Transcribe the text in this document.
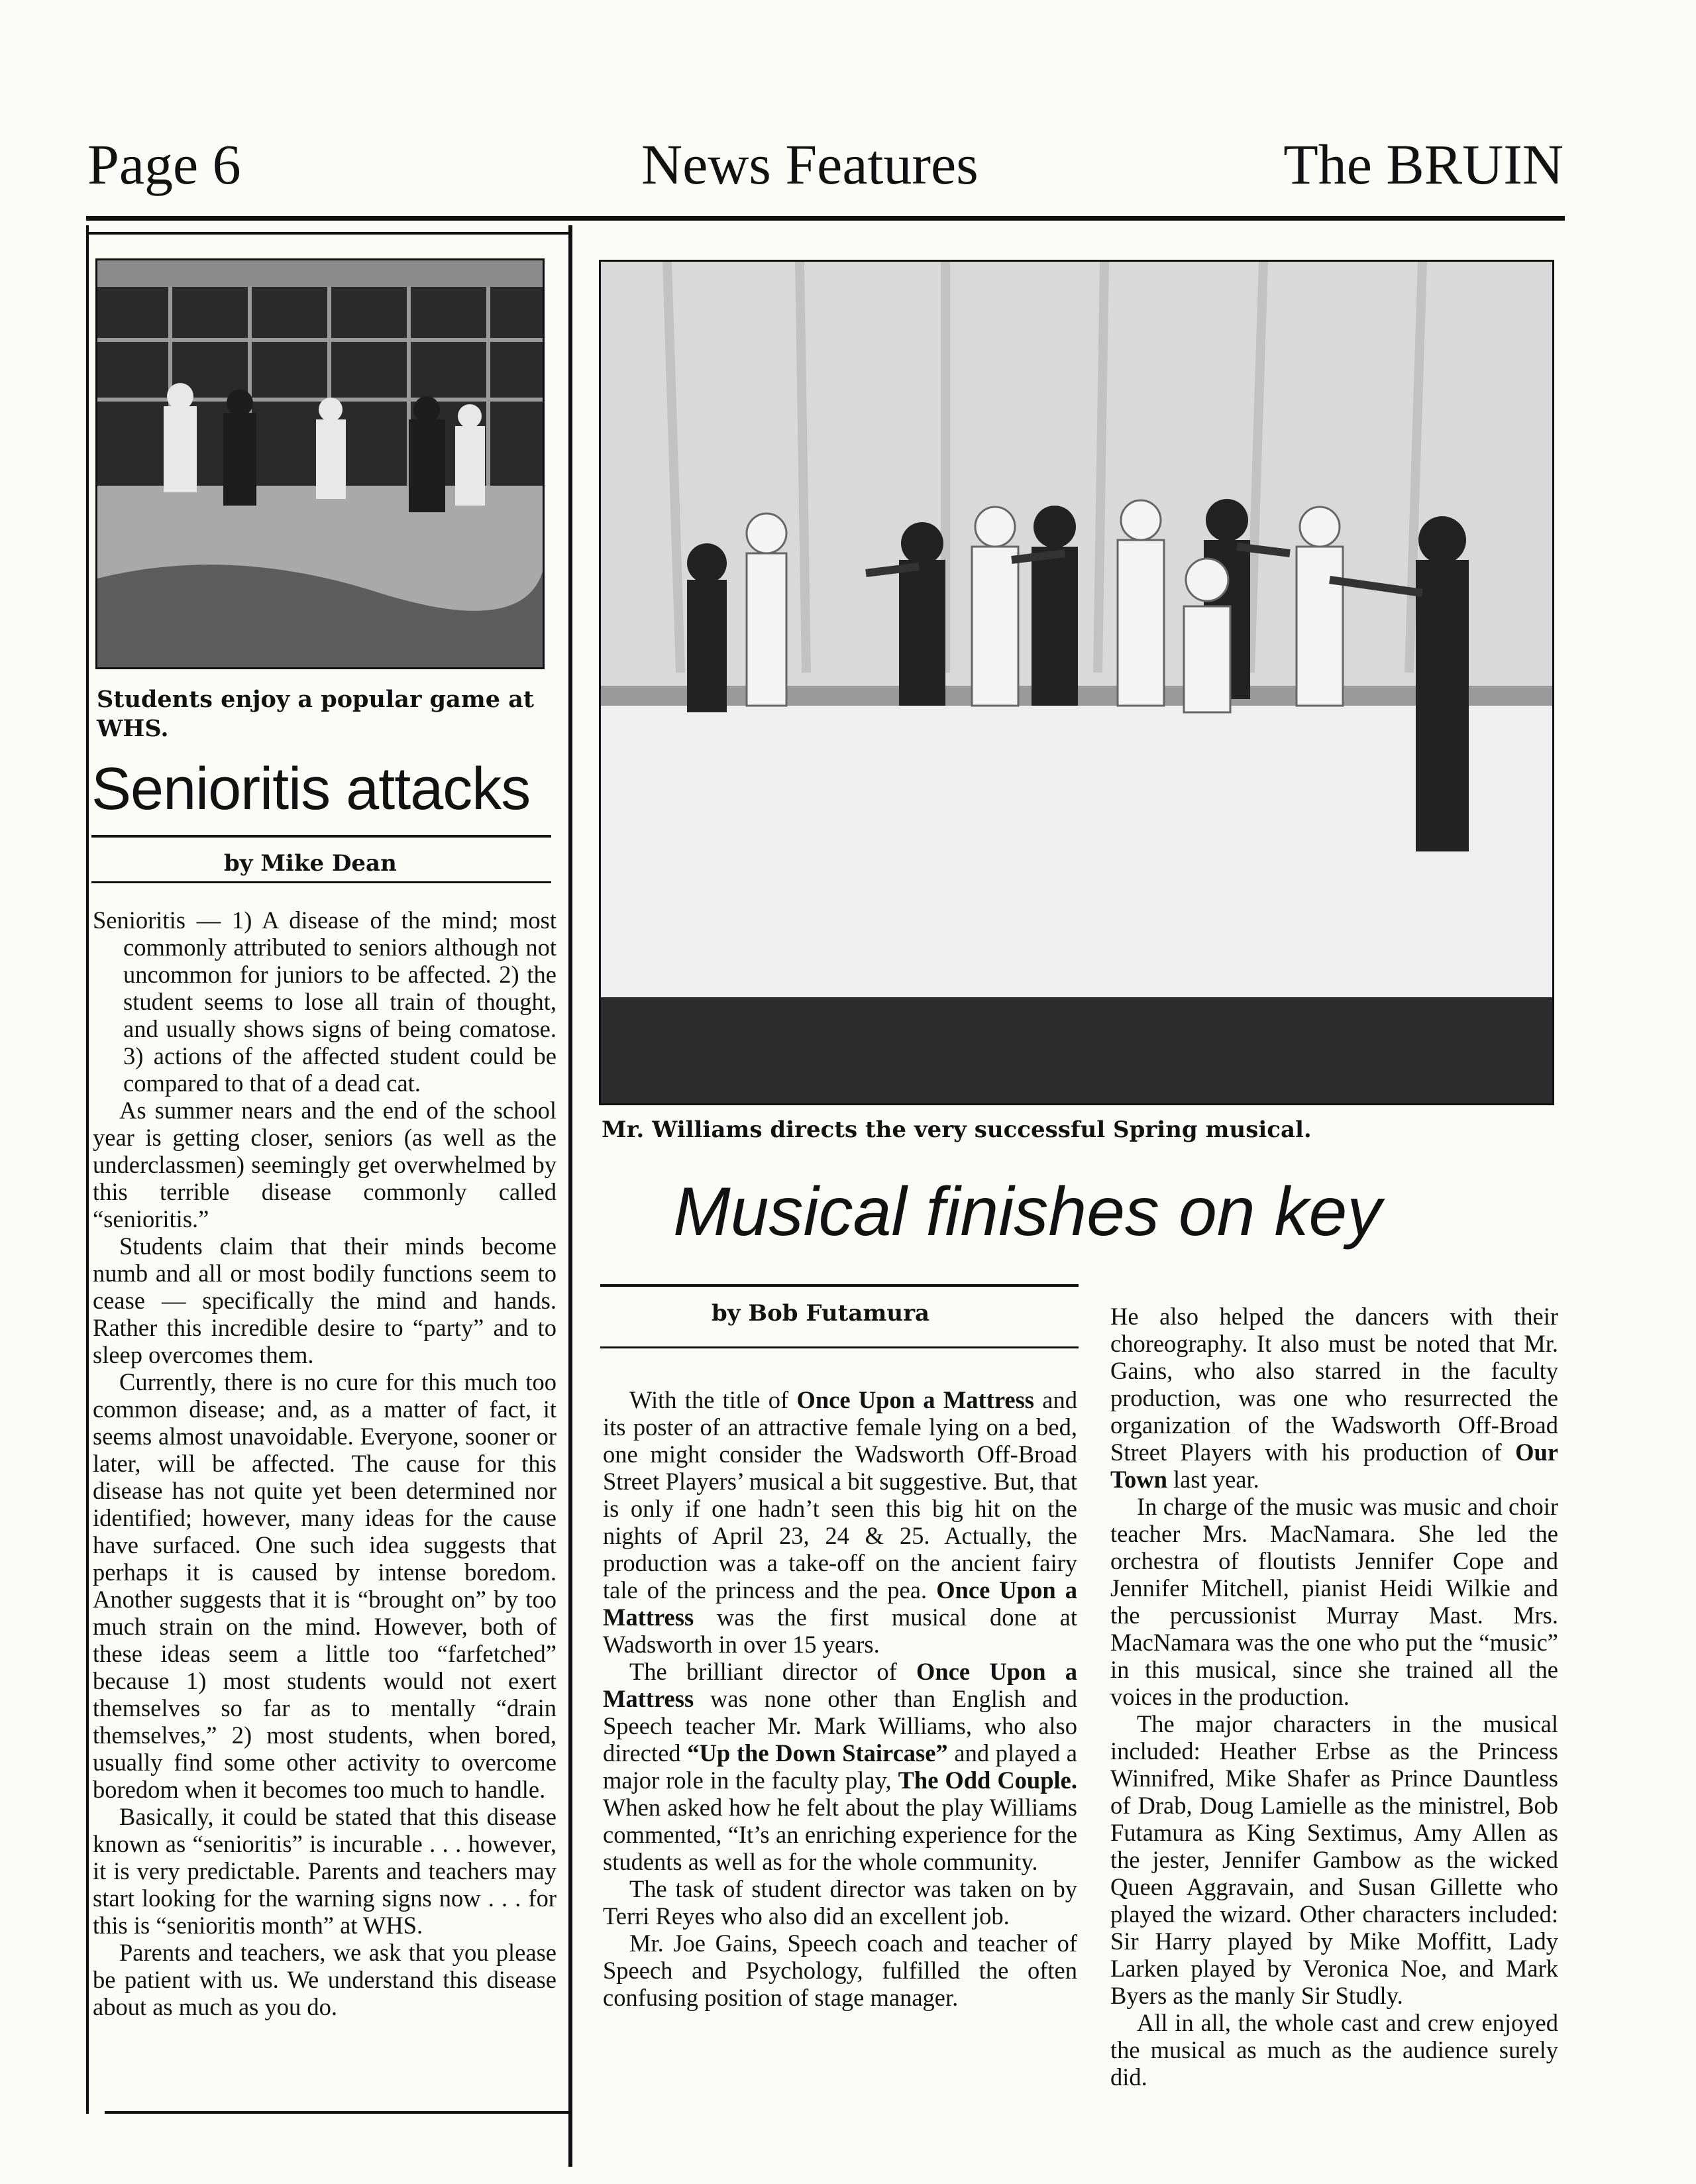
Page 6	News Features	The BRUIN
Students enjoy a popular game at WHS.
Senioritis attacks
by Mike Dean

Senioritis — 1) A disease of the mind; most commonly attributed to seniors although not uncommon for juniors to be affected. 2) the student seems to lose all train of thought, and usually shows signs of being comatose. 3) actions of the affected student could be compared to that of a dead cat.

As summer nears and the end of the school year is getting closer, seniors (as well as the underclassmen) seemingly get overwhelmed by this terrible disease commonly called “senioritis.”

Students claim that their minds become numb and all or most bodily functions seem to cease — specifically the mind and hands. Rather this incredible desire to “party” and to sleep overcomes them.

Currently, there is no cure for this much too common disease; and, as a matter of fact, it seems almost unavoidable. Everyone, sooner or later, will be affected. The cause for this disease has not quite yet been determined nor identified; however, many ideas for the cause have surfaced. One such idea suggests that perhaps it is caused by intense boredom. Another suggests that it is “brought on” by too much strain on the mind. However, both of these ideas seem a little too “farfetched” because 1) most students would not exert themselves so far as to mentally “drain themselves,” 2) most students, when bored, usually find some other activity to overcome boredom when it becomes too much to handle.

Basically, it could be stated that this disease known as “senioritis” is incurable . . . however, it is very predictable. Parents and teachers may start looking for the warning signs now . . . for this is “senioritis month” at WHS.

Parents and teachers, we ask that you please be patient with us. We understand this disease about as much as you do.

Mr. Williams directs the very successful Spring musical.
Musical finishes on key
by Bob Futamura

With the title of Once Upon a Mattress and its poster of an attractive female lying on a bed, one might consider the Wadsworth Off-Broad Street Players’ musical a bit suggestive. But, that is only if one hadn’t seen this big hit on the nights of April 23, 24 & 25. Actually, the production was a take-off on the ancient fairy tale of the princess and the pea. Once Upon a Mattress was the first musical done at Wadsworth in over 15 years.

The brilliant director of Once Upon a Mattress was none other than English and Speech teacher Mr. Mark Williams, who also directed “Up the Down Staircase” and played a major role in the faculty play, The Odd Couple. When asked how he felt about the play Williams commented, “It’s an enriching experience for the students as well as for the whole community.

The task of student director was taken on by Terri Reyes who also did an excellent job.

Mr. Joe Gains, Speech coach and teacher of Speech and Psychology, fulfilled the often confusing position of stage manager.

He also helped the dancers with their choreography. It also must be noted that Mr. Gains, who also starred in the faculty production, was one who resurrected the organization of the Wadsworth Off-Broad Street Players with his production of Our Town last year.

In charge of the music was music and choir teacher Mrs. MacNamara. She led the orchestra of floutists Jennifer Cope and Jennifer Mitchell, pianist Heidi Wilkie and the percussionist Murray Mast. Mrs. MacNamara was the one who put the “music” in this musical, since she trained all the voices in the production.

The major characters in the musical included: Heather Erbse as the Princess Winnifred, Mike Shafer as Prince Dauntless of Drab, Doug Lamielle as the ministrel, Bob Futamura as King Sextimus, Amy Allen as the jester, Jennifer Gambow as the wicked Queen Aggravain, and Susan Gillette who played the wizard. Other characters included: Sir Harry played by Mike Moffitt, Lady Larken played by Veronica Noe, and Mark Byers as the manly Sir Studly.

All in all, the whole cast and crew enjoyed the musical as much as the audience surely did.
